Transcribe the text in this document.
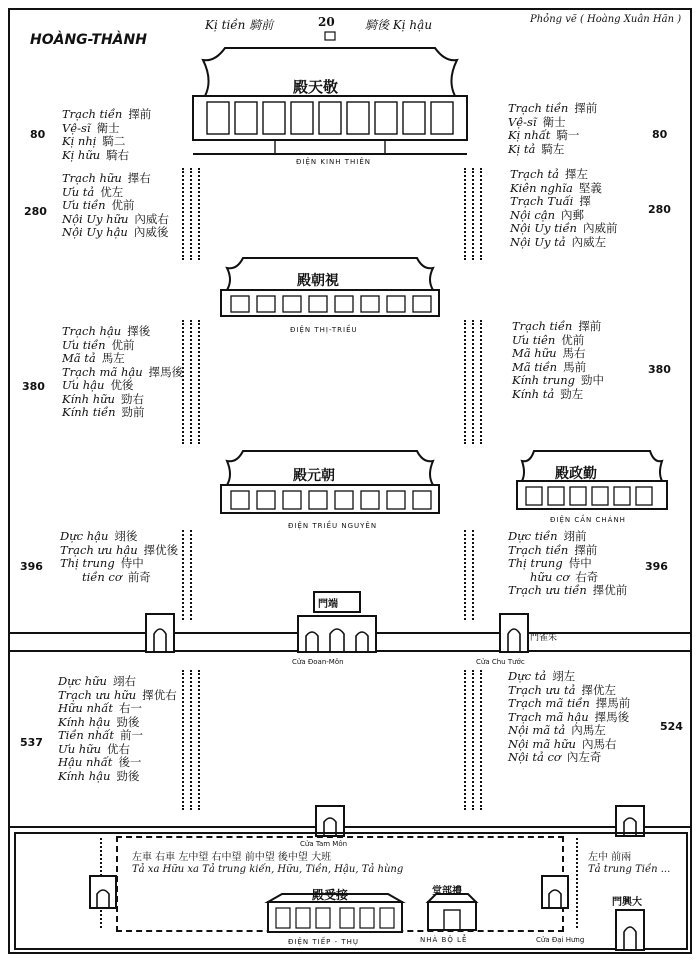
HOÀNG-THÀNH
Phỏng vẽ ( Hoàng Xuân Hãn )
Kị tiền 騎前	20	騎後 Kị hậu
殿天敬
ĐIỆN KINH THIÊN
殿朝視
ĐIỆN THỊ-TRIỀU
殿元朝
ĐIỆN TRIỀU NGUYÊN
殿政勤
ĐIỆN CẦN CHÁNH
80
Trạch tiền 擇前
Vệ-sĩ 衛士
Kị nhị 騎二
Kị hữu 騎右
Trạch tiền 擇前
Vệ-sĩ 衛士
Kị nhất 騎一
Kị tả 騎左
80
280
Trạch hữu 擇右
Ưu tả 优左
Ưu tiền 优前
Nội Uy hữu 內威右
Nội Uy hậu 內威後
Trạch tả 擇左
Kiên nghĩa 堅義
Trạch Tuấi 擇
Nội cận 內郵
Nội Uy tiền 內威前
Nội Uy tả 內威左
280
380
Trạch hậu 擇後
Ưu tiền 优前
Mã tả 馬左
Trạch mã hậu 擇馬後
Ưu hậu 优後
Kính hữu 勁右
Kính tiền 勁前
Trạch tiền 擇前
Ưu tiên 优前
Mã hữu 馬右
Mã tiền 馬前
Kính trung 勁中
Kính tả 勁左
380
396
Dực hậu 翊後
Trạch ưu hậu 擇优後
Thị trung 侍中
tiền cơ 前奇
Dực tiền 翊前
Trạch tiền 擇前
Thị trung 侍中
hữu cơ 右奇
Trạch ưu tiền 擇优前
396
門端
Cửa Đoan-Môn
門雀朱
Cửa Chu Tước
537
Dực hữu 翊右
Trạch ưu hữu 擇优右
Hữu nhất 右一
Kính hậu 勁後
Tiền nhất 前一
Ưu hữu 优右
Hậu nhất 後一
Kính hậu 勁後
Dực tả 翊左
Trạch ưu tả 擇优左
Trạch mã tiền 擇馬前
Trạch mã hậu 擇馬後
Nội mã tả 內馬左
Nội mã hữu 內馬右
Nội tả cơ 內左奇
524
Cửa Tam Môn
左車 右車 左中望 右中望 前中望 後中望 大班
Tả xa Hữu xa Tả trung kiến, Hữu, Tiền, Hậu, Tả hùng
左中 前兩
Tả trung Tiền ...
殿受接
ĐIỆN TIẾP - THỤ
堂部禮
NHÀ BỘ LỄ
門興大
Cửa Đại Hưng
